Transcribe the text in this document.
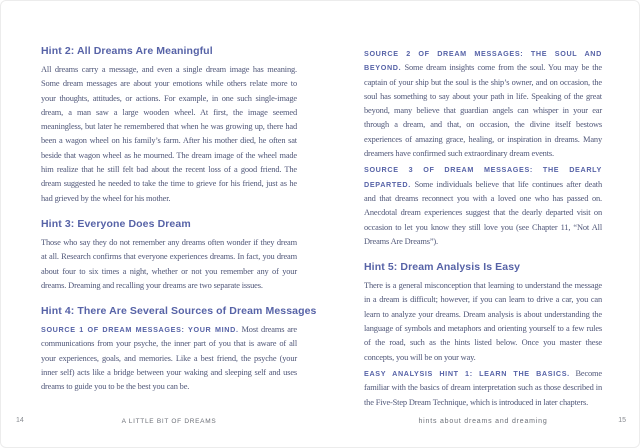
Hint 2: All Dreams Are Meaningful

All dreams carry a message, and even a single dream image has meaning. Some dream messages are about your emotions while others relate more to your thoughts, attitudes, or actions. For example, in one such single-image dream, a man saw a large wooden wheel. At first, the image seemed meaningless, but later he remembered that when he was growing up, there had been a wagon wheel on his family’s farm. After his mother died, he often sat beside that wagon wheel as he mourned. The dream image of the wheel made him realize that he still felt bad about the recent loss of a good friend. The dream suggested he needed to take the time to grieve for his friend, just as he had grieved by the wheel for his mother.

Hint 3: Everyone Does Dream

Those who say they do not remember any dreams often wonder if they dream at all. Research confirms that everyone experiences dreams. In fact, you dream about four to six times a night, whether or not you remember any of your dreams. Dreaming and recalling your dreams are two separate issues.

Hint 4: There Are Several Sources of Dream Messages

SOURCE 1 OF DREAM MESSAGES: YOUR MIND. Most dreams are communications from your psyche, the inner part of you that is aware of all your experiences, goals, and memories. Like a best friend, the psyche (your inner self) acts like a bridge between your waking and sleeping self and uses dreams to guide you to be the best you can be.

SOURCE 2 OF DREAM MESSAGES: THE SOUL AND BEYOND. Some dream insights come from the soul. You may be the captain of your ship but the soul is the ship’s owner, and on occasion, the soul has something to say about your path in life. Speaking of the great beyond, many believe that guardian angels can whisper in your ear through a dream, and that, on occasion, the divine itself bestows experiences of amazing grace, healing, or inspiration in dreams. Many dreamers have confirmed such extraordinary dream events.

SOURCE 3 OF DREAM MESSAGES: THE DEARLY DEPARTED. Some individuals believe that life continues after death and that dreams reconnect you with a loved one who has passed on. Anecdotal dream experiences suggest that the dearly departed visit on occasion to let you know they still love you (see Chapter 11, “Not All Dreams Are Dreams”).

Hint 5: Dream Analysis Is Easy

There is a general misconception that learning to understand the message in a dream is difficult; however, if you can learn to drive a car, you can learn to analyze your dreams. Dream analysis is about understanding the language of symbols and metaphors and orienting yourself to a few rules of the road, such as the hints listed below. Once you master these concepts, you will be on your way.

EASY ANALYSIS HINT 1: LEARN THE BASICS. Become familiar with the basics of dream interpretation such as those described in the Five-Step Dream Technique, which is introduced in later chapters.

14	A LITTLE BIT OF DREAMS	hints about dreams and dreaming	15
